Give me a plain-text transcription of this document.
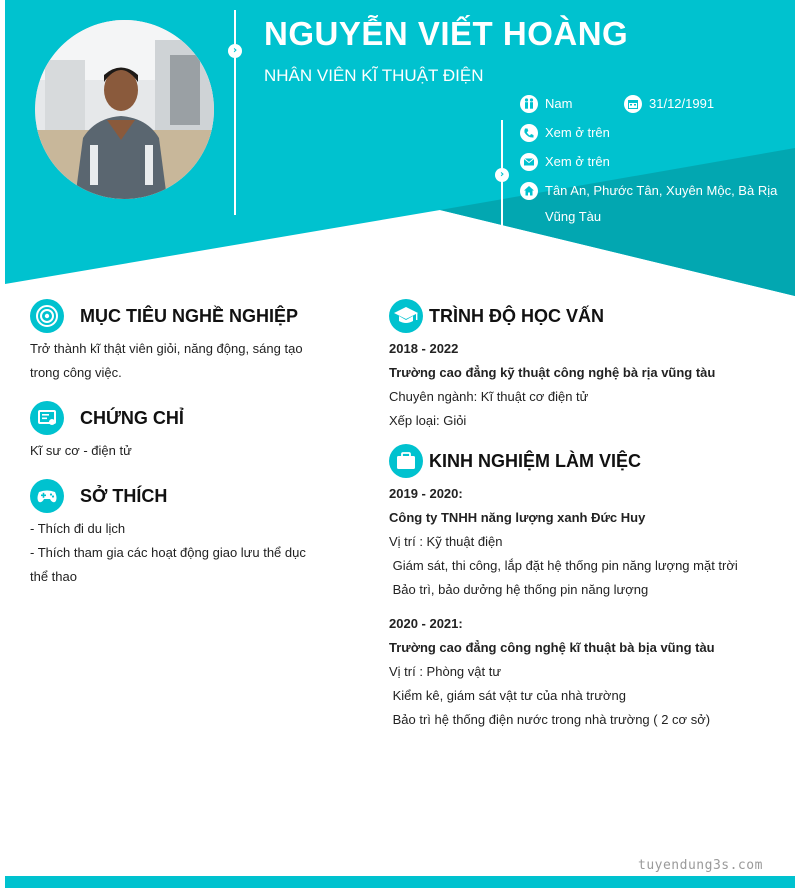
›
›
NGUYỄN VIẾT HOÀNG
NHÂN VIÊN KĨ THUẬT ĐIỆN
Nam	31/12/1991
Xem ở trên
Xem ở trên
Tân An, Phước Tân, Xuyên Mộc, Bà Rịa
Vũng Tàu
MỤC TIÊU NGHỀ NGHIỆP

Trở thành kĩ thật viên giỏi, năng động, sáng tạo

trong công việc.

CHỨNG CHỈ

Kĩ sư cơ - điện tử

SỞ THÍCH

- Thích đi du lịch

- Thích tham gia các hoạt động giao lưu thể dục

thể thao

TRÌNH ĐỘ HỌC VẤN

2018 - 2022

Trường cao đẳng kỹ thuật công nghệ bà rịa vũng tàu

Chuyên ngành: Kĩ thuật cơ điện tử

Xếp loại: Giỏi

KINH NGHIỆM LÀM VIỆC

2019 - 2020:

Công ty TNHH năng lượng xanh Đức Huy

Vị trí : Kỹ thuật điện

Giám sát, thi công, lắp đặt hệ thống pin năng lượng mặt trời

Bảo trì, bảo dưởng hệ thống pin năng lượng

2020 - 2021:

Trường cao đẳng công nghệ kĩ thuật bà bịa vũng tàu

Vị trí : Phòng vật tư

Kiểm kê, giám sát vật tư của nhà trường

Bảo trì hệ thống điện nước trong nhà trường ( 2 cơ sở)

tuyendung3s.com
